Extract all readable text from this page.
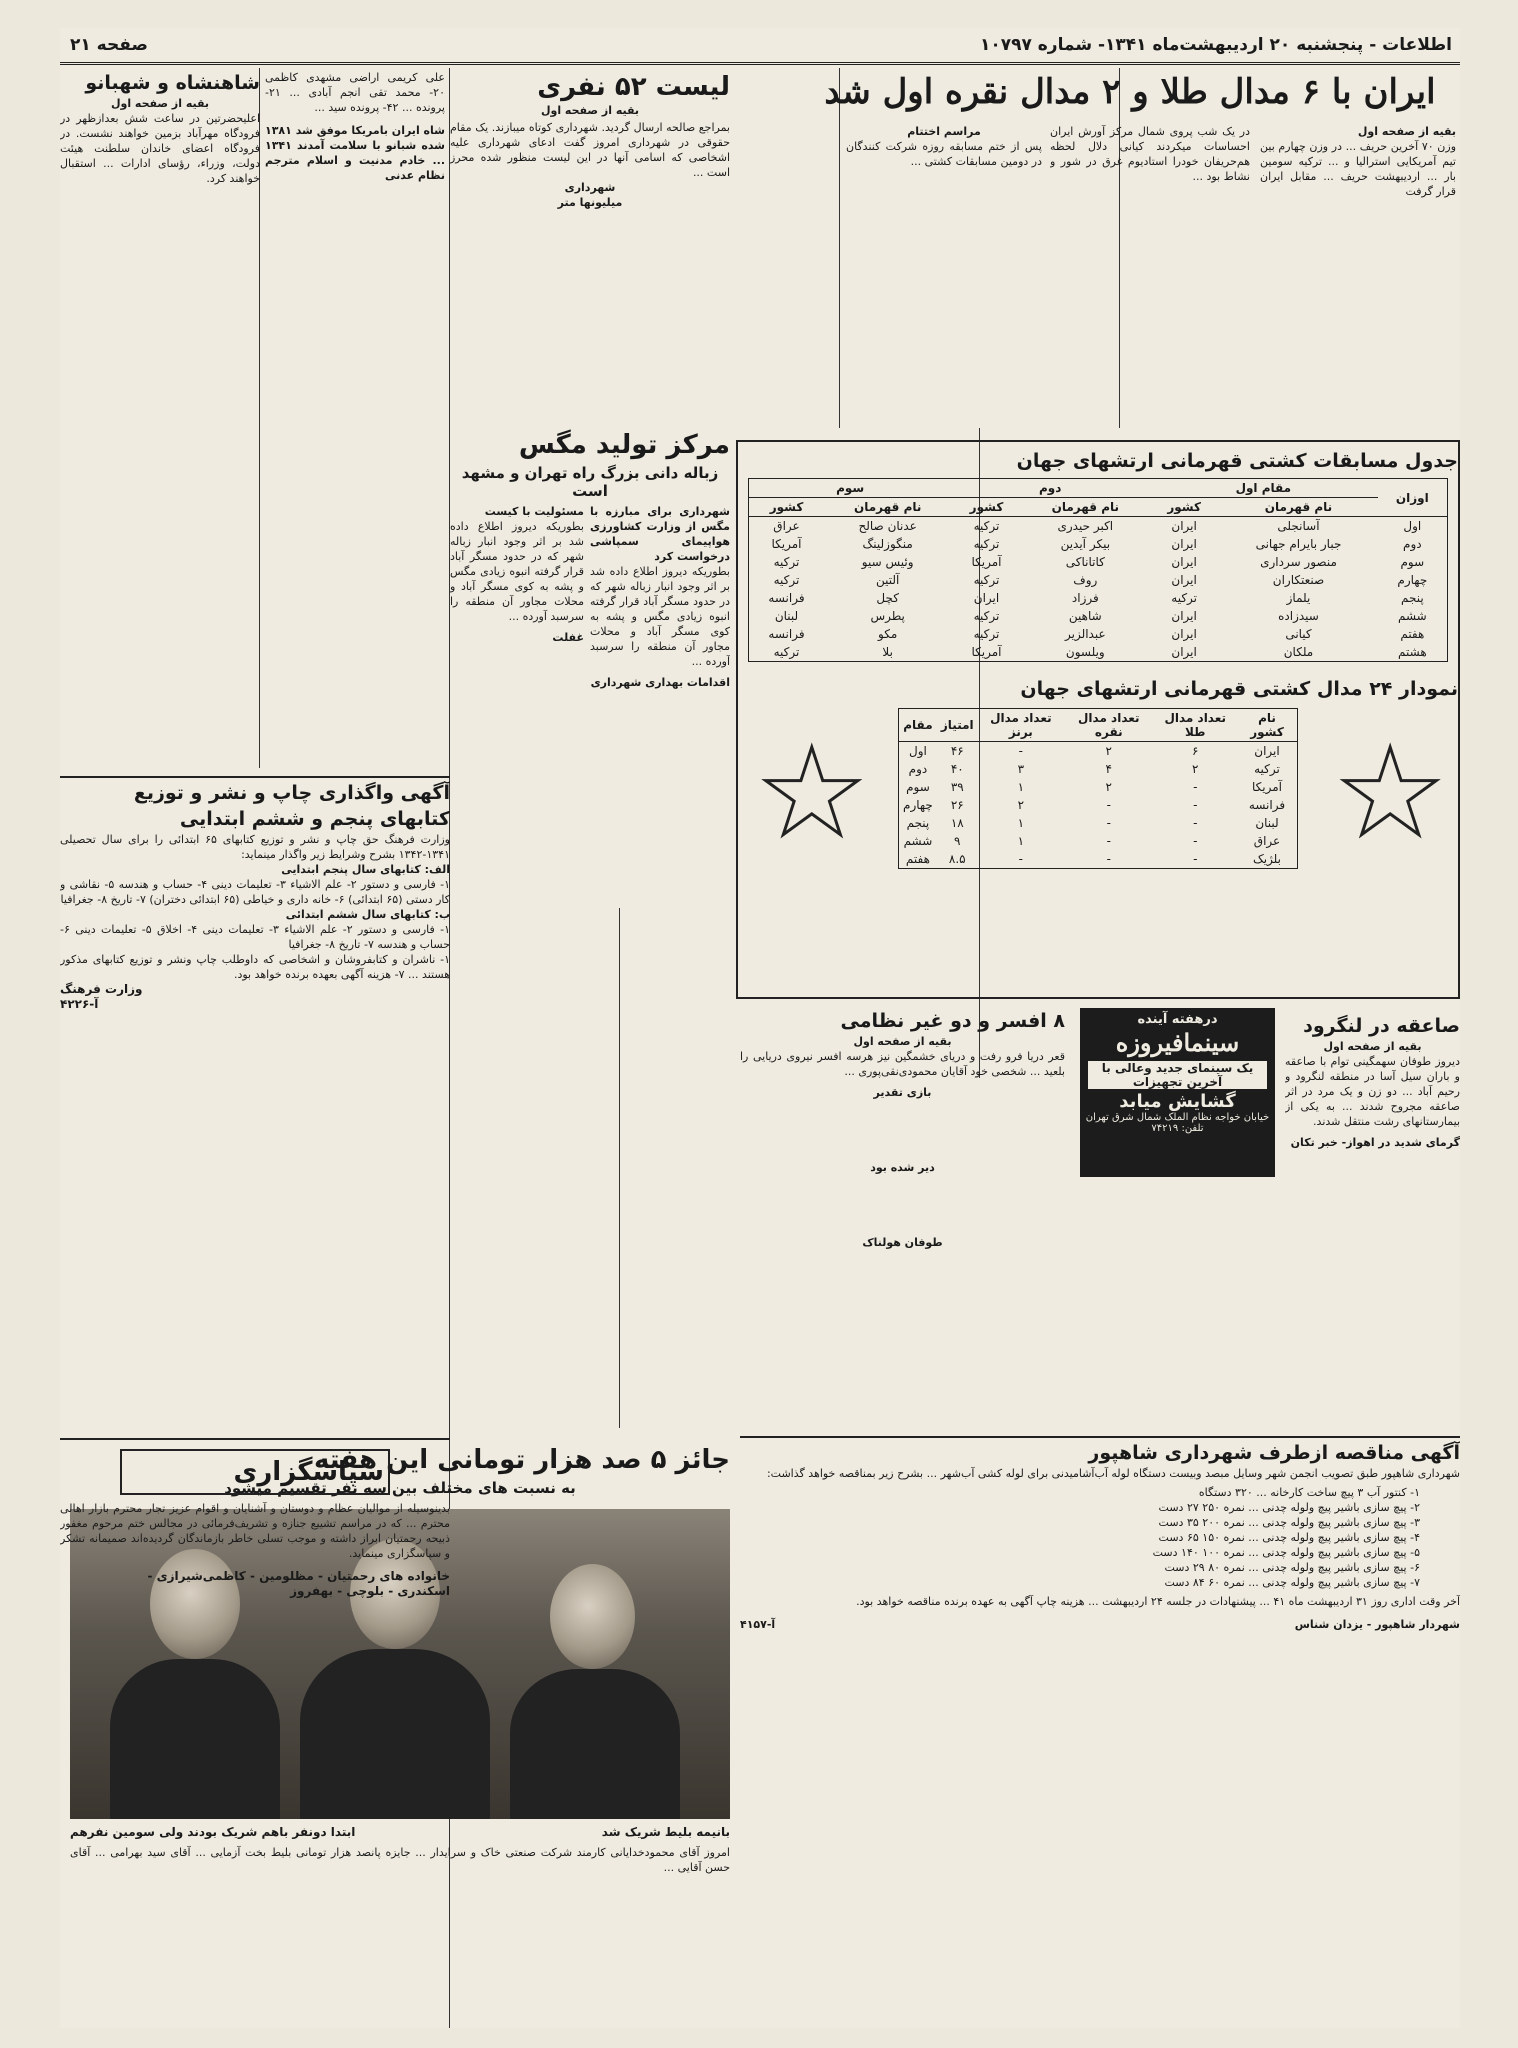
اطلاعات - پنجشنبه ۲۰ اردیبهشت‌ماه ۱۳۴۱- شماره ۱۰۷۹۷
صفحه ۲۱
ایران با ۶ مدال طلا و ۲ مدال نقره اول شد
بقیه از صفحه اول
وزن ۷۰ آخرین حریف ... در وزن چهارم بین تیم آمریکایی استرالیا و ... ترکیه سومین بار ... اردیبهشت حریف ... مقابل ایران قرار گرفت
در یک شب پروی شمال مرکز آورش ایران احساسات میکردند کیانی دلال لحظه هم‌حریفان خودرا استادیوم غرق در شور و نشاط بود ...
مراسم اختتام
پس از ختم مسابقه روزه شرکت کنندگان در دومین مسابقات کشتی ...
جدول مسابقات کشتی قهرمانی ارتشهای جهان
اوزان	مقام اول		دوم		سوم	
	نام قهرمان	کشور	نام قهرمان	کشور	نام قهرمان	کشور
اول	آسانجلی	ایران	اکبر حیدری	ترکیه	عدنان صالح	عراق
دوم	جبار بایرام جهانی	ایران	بیکر آیدین	ترکیه	منگوزلینگ	آمریکا
سوم	منصور سرداری	ایران	کاتاناکی	آمریکا	وئیس سیو	ترکیه
چهارم	صنعتکاران	ایران	روف	ترکیه	آلتین	ترکیه
پنجم	یلماز	ترکیه	فرزاد	ایران	کچل	فرانسه
ششم	سیدزاده	ایران	شاهین	ترکیه	پطرس	لبنان
هفتم	کیانی	ایران	عبدالزیر	ترکیه	مکو	فرانسه
هشتم	ملکان	ایران	ویلسون	آمریکا	بلا	ترکیه
نمودار ۲۴ مدال کشتی قهرمانی ارتشهای جهان
★
★
نام کشور	تعداد مدال طلا	تعداد مدال نقره	تعداد مدال برنز	امتیاز	مقام
ایران	۶	۲	-	۴۶	اول
ترکیه	۲	۴	۳	۴۰	دوم
آمریکا	-	۲	۱	۳۹	سوم
فرانسه	-	-	۲	۲۶	چهارم
لبنان	-	-	۱	۱۸	پنجم
عراق	-	-	۱	۹	ششم
بلژیک	-	-	-	۸.۵	هفتم
صاعقه در لنگرود
بقیه از صفحه اول
دیروز طوفان سهمگینی توام با صاعقه و باران سیل آسا در منطقه لنگرود و رحیم آباد ... دو زن و یک مرد در اثر صاعقه مجروح شدند ... به یکی از بیمارستانهای رشت منتقل شدند.
گرمای شدید در اهواز- خبر تکان
درهفته آینده
سینمافیروزه
یک سینمای جدید وعالی با
آخرین تجهیزات
گشایش میابد
خیابان خواجه نظام الملک شمال شرق تهران
تلفن: ۷۴۲۱۹
۸ افسر و دو غیر نظامی
بقیه از صفحه اول
قعر دریا فرو رفت و دریای خشمگین نیز هرسه افسر نیروی دریایی را بلعید ... شخصی خود آقایان محمودی‌نقی‌پوری ...
بازی تقدیر
دیر شده بود
طوفان هولناک
آگهی مناقصه ازطرف شهرداری شاهپور
شهرداری شاهپور طبق تصویب انجمن شهر وسایل مبصد وبیست دستگاه لوله آب‌آشامیدنی برای لوله کشی آب‌شهر ... بشرح زیر بمناقصه خواهد گذاشت:
۱- کنتور آب ۳ پیچ ساخت کارخانه ... ۳۲۰ دستگاه
۲- پیچ سازی باشیر پیچ ولوله چدنی ... نمره ۲۵۰ ۲۷ دست
۳- پیچ سازی باشیر پیچ ولوله چدنی ... نمره ۲۰۰ ۳۵ دست
۴- پیچ سازی باشیر پیچ ولوله چدنی ... نمره ۱۵۰ ۶۵ دست
۵- پیچ سازی باشیر پیچ ولوله چدنی ... نمره ۱۰۰ ۱۴۰ دست
۶- پیچ سازی باشیر پیچ ولوله چدنی ... نمره ۸۰ ۲۹ دست
۷- پیچ سازی باشیر پیچ ولوله چدنی ... نمره ۶۰ ۸۴ دست
آخر وقت اداری روز ۳۱ اردیبهشت ماه ۴۱ ... پیشنهادات در جلسه ۲۴ اردیبهشت ... هزینه چاپ آگهی به عهده برنده مناقصه خواهد بود.
شهردار شاهپور - یزدان شناس
آ-۴۱۵۷
جائز ۵ صد هزار تومانی این هفته
به نسبت های مختلف بین سه نفر تقسیم میشود
بانیمه بلیط شریک شد
ابتدا دونفر باهم شریک بودند ولی سومین نفرهم
امروز آقای محمودخدایانی کارمند شرکت صنعتی خاک و سرایدار ... جایزه پانصد هزار تومانی بلیط بخت آزمایی ... آقای سید بهرامی ... آقای حسن آقایی ...
مرکز تولید مگس
زباله دانی بزرگ راه تهران و مشهد است
شهرداری برای مبارزه با مگس از وزارت کشاورزی هواپیمای سمپاشی درخواست کرد
بطوریکه دیروز اطلاع داده شد بر اثر وجود انبار زباله شهر که در حدود مسگر آباد قرار گرفته انبوه زیادی مگس و پشه به کوی مسگر آباد و محلات مجاور آن منطقه را سرسبد آورده ...
اقدامات بهداری شهرداری
مسئولیت با کیست
بطوریکه دیروز اطلاع داده شد بر اثر وجود انبار زباله شهر که در حدود مسگر آباد قرار گرفته انبوه زیادی مگس و پشه به کوی مسگر آباد و محلات مجاور آن منطقه را سرسبد آورده ...
غفلت
لیست ۵۲ نفری
بقیه از صفحه اول
بمراجع صالحه ارسال گردید. شهرداری کوتاه میبازند. یک مقام حقوقی در شهرداری امروز گفت ادعای شهرداری علیه اشخاصی که اسامی آنها در این لیست منظور شده محرز است ...
شهرداری
میلیونها متر
شاهنشاه و شهبانو
بقیه از صفحه اول
اعلیحضرتین در ساعت شش بعدازظهر در فرودگاه مهرآباد بزمین خواهند نشست. در فرودگاه اعضای خاندان سلطنت هیئت دولت، وزراء، رؤسای ادارات ... استقبال خواهند کرد.
علی کریمی اراضی مشهدی کاظمی ۲۰- محمد تقی انجم آبادی ... ۲۱- پرونده ... ۴۲- پرونده سید ...
شاه ایران بامریکا موفق شد ۱۳۸۱ شده شبانو با سلامت آمدند ۱۳۴۱ ... خادم مدنیت و اسلام مترجم نظام عدنی
آگهی واگذاری چاپ و نشر و توزیع
کتابهای پنجم و ششم ابتدایی
وزارت فرهنگ حق چاپ و نشر و توزیع کتابهای ۶۵ ابتدائی را برای سال تحصیلی ۱۳۴۱-۱۳۴۲ بشرح وشرایط زیر واگذار مینماید:
الف: کتابهای سال پنجم ابتدایی
۱- فارسی و دستور ۲- علم الاشیاء ۳- تعلیمات دینی ۴- حساب و هندسه ۵- نقاشی و کار دستی (۶۵ ابتدائی) ۶- خانه داری و خیاطی (۶۵ ابتدائی دختران) ۷- تاریخ ۸- جغرافیا
ب: کتابهای سال ششم ابتدائی
۱- فارسی و دستور ۲- علم الاشیاء ۳- تعلیمات دینی ۴- اخلاق ۵- تعلیمات دینی ۶- حساب و هندسه ۷- تاریخ ۸- جغرافیا
۱- ناشران و کتابفروشان و اشخاصی که داوطلب چاپ ونشر و توزیع کتابهای مذکور هستند ... ۷- هزینه آگهی بعهده برنده خواهد بود.
وزارت فرهنگ
آ-۴۲۲۶
سپاسگزاری
بدینوسیله از موالیان عظام و دوستان و آشنایان و اقوام عزیز تجار محترم بازار اهالی محترم ... که در مراسم تشییع جنازه و تشریف‌فرمائی در مجالس ختم مرحوم مغفور ذبیحه رحمتیان ابراز داشته و موجب تسلی خاطر بازماندگان گردیده‌اند صمیمانه تشکر و سپاسگزاری مینماید.
خانواده های رحمتیان - مظلومین - کاظمی‌شیرازی -
اسکندری - بلوچی - بهفروز
